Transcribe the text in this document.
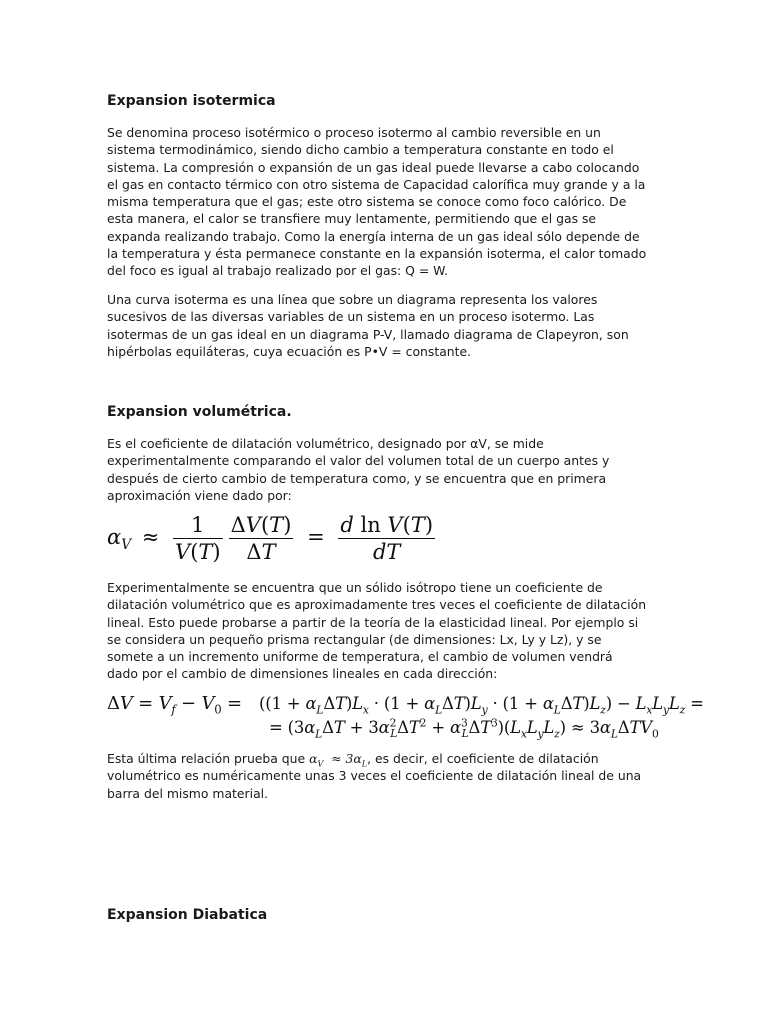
Expansion isotermica

Se denomina proceso isotérmico o proceso isotermo al cambio reversible en un sistema termodinámico, siendo dicho cambio a temperatura constante en todo el sistema. La compresión o expansión de un gas ideal puede llevarse a cabo colocando el gas en contacto térmico con otro sistema de Capacidad calorífica muy grande y a la misma temperatura que el gas; este otro sistema se conoce como foco calórico. De esta manera, el calor se transfiere muy lentamente, permitiendo que el gas se expanda realizando trabajo. Como la energía interna de un gas ideal sólo depende de la temperatura y ésta permanece constante en la expansión isoterma, el calor tomado del foco es igual al trabajo realizado por el gas: Q = W.

Una curva isoterma es una línea que sobre un diagrama representa los valores sucesivos de las diversas variables de un sistema en un proceso isotermo. Las isotermas de un gas ideal en un diagrama P-V, llamado diagrama de Clapeyron, son hipérbolas equiláteras, cuya ecuación es P•V = constante.

Expansion volumétrica.

Es el coeficiente de dilatación volumétrico, designado por αV, se mide experimentalmente comparando el valor del volumen total de un cuerpo antes y después de cierto cambio de temperatura como, y se encuentra que en primera aproximación viene dado por:

$\alpha_V \approx \frac{1}{V(T)} \frac{\Delta V(T)}{\Delta T} = \frac{\text{d ln V(T)}}{dT}$

Experimentalmente se encuentra que un sólido isótropo tiene un coeficiente de dilatación volumétrico que es aproximadamente tres veces el coeficiente de dilatación lineal. Esto puede probarse a partir de la teoría de la elasticidad lineal. Por ejemplo si se considera un pequeño prisma rectangular (de dimensiones: Lx, Ly y Lz), y se somete a un incremento uniforme de temperatura, el cambio de volumen vendrá dado por el cambio de dimensiones lineales en cada dirección:

$\Delta V = V_f - V_0 = ((1 + \alpha_L\Delta T)L_x \cdot (1 + \alpha_L\Delta T)L_y \cdot (1 + \alpha_L\Delta T)L_z) - L_xL_yL_z$ =
= $(3\alpha_L\Delta T + 3\alpha^2_L\Delta T^2 + \alpha^3_L\Delta T^3)(L_xL_yL_z) \approx 3\alpha_L\Delta TV_0$

Esta última relación prueba que $\alpha_V \approx 3\alpha_L$, es decir, el coeficiente de dilatación volumétrico es numéricamente unas 3 veces el coeficiente de dilatación lineal de una barra del mismo material.

Expansion Diabatica
